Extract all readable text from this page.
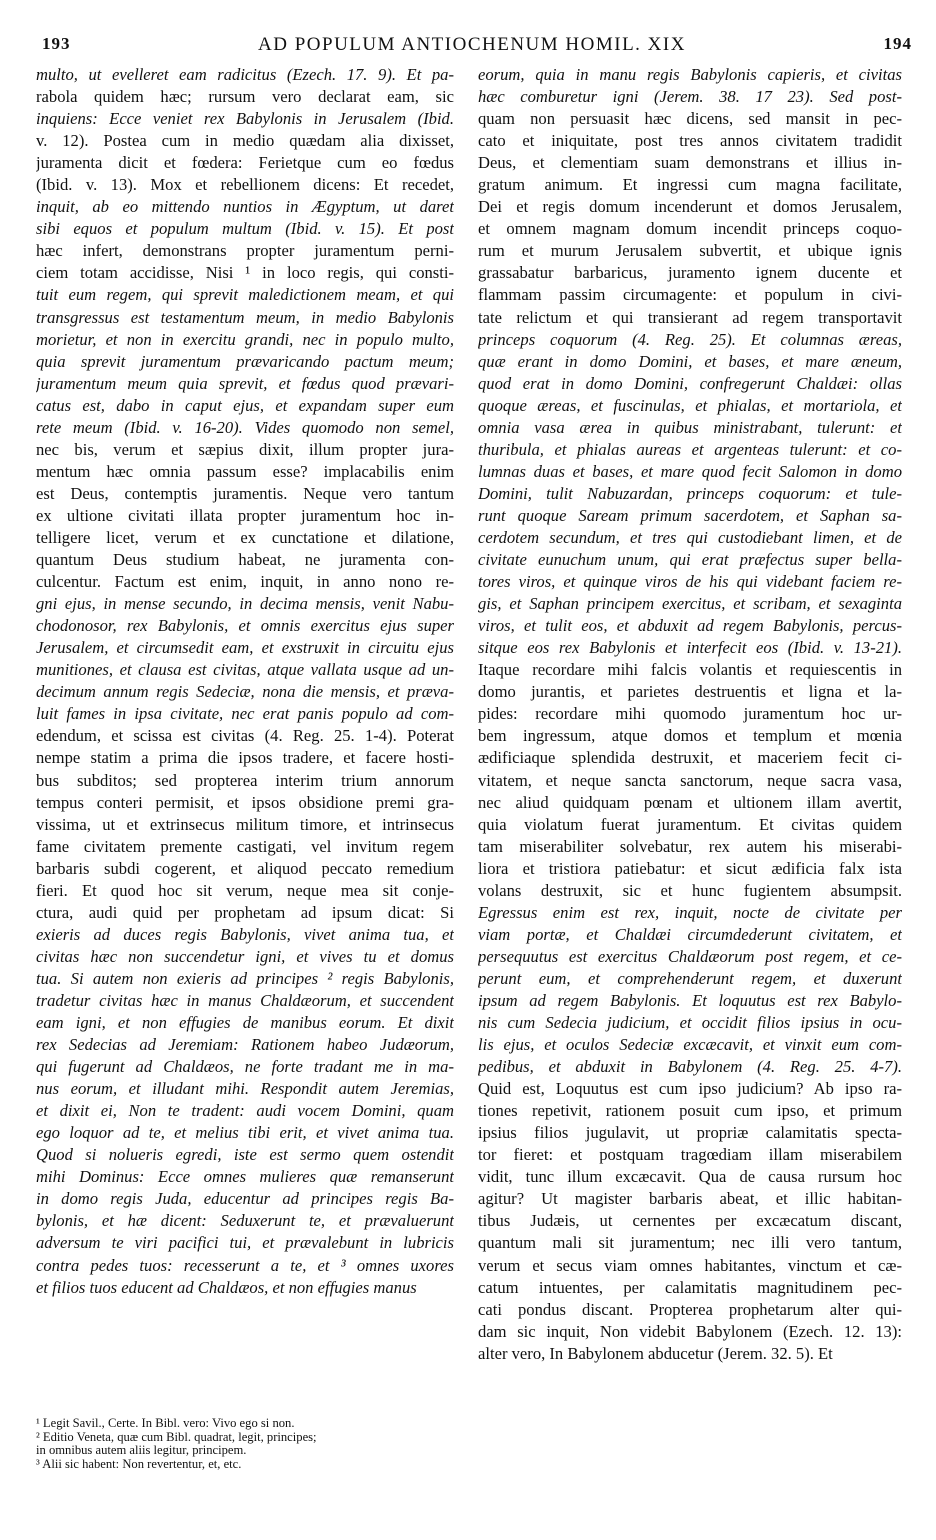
193	AD POPULUM ANTIOCHENUM HOMIL. XIX	194
multo, ut evelleret eam radicitus (Ezech. 17. 9). Et pa-
rabola quidem hæc; rursum vero declarat eam, sic
inquiens: Ecce veniet rex Babylonis in Jerusalem (Ibid.
v. 12). Postea cum in medio quædam alia dixisset,
juramenta dicit et fœdera: Ferietque cum eo fœdus
(Ibid. v. 13). Mox et rebellionem dicens: Et recedet,
inquit, ab eo mittendo nuntios in Ægyptum, ut daret
sibi equos et populum multum (Ibid. v. 15). Et post
hæc infert, demonstrans propter juramentum perni-
ciem totam accidisse, Nisi ¹ in loco regis, qui consti-
tuit eum regem, qui sprevit maledictionem meam, et qui
transgressus est testamentum meum, in medio Babylonis
morietur, et non in exercitu grandi, nec in populo multo,
quia sprevit juramentum prævaricando pactum meum;
juramentum meum quia sprevit, et fœdus quod prævari-
catus est, dabo in caput ejus, et expandam super eum
rete meum (Ibid. v. 16-20). Vides quomodo non semel,
nec bis, verum et sæpius dixit, illum propter jura-
mentum hæc omnia passum esse? implacabilis enim
est Deus, contemptis juramentis. Neque vero tantum
ex ultione civitati illata propter juramentum hoc in-
telligere licet, verum et ex cunctatione et dilatione,
quantum Deus studium habeat, ne juramenta con-
culcentur. Factum est enim, inquit, in anno nono re-
gni ejus, in mense secundo, in decima mensis, venit Nabu-
chodonosor, rex Babylonis, et omnis exercitus ejus super
Jerusalem, et circumsedit eam, et exstruxit in circuitu ejus
munitiones, et clausa est civitas, atque vallata usque ad un-
decimum annum regis Sedeciæ, nona die mensis, et præva-
luit fames in ipsa civitate, nec erat panis populo ad com-
edendum, et scissa est civitas (4. Reg. 25. 1-4). Poterat
nempe statim a prima die ipsos tradere, et facere hosti-
bus subditos; sed propterea interim trium annorum
tempus conteri permisit, et ipsos obsidione premi gra-
vissima, ut et extrinsecus militum timore, et intrinsecus
fame civitatem premente castigati, vel invitum regem
barbaris subdi cogerent, et aliquod peccato remedium
fieri. Et quod hoc sit verum, neque mea sit conje-
ctura, audi quid per prophetam ad ipsum dicat: Si
exieris ad duces regis Babylonis, vivet anima tua, et
civitas hæc non succendetur igni, et vives tu et domus
tua. Si autem non exieris ad principes ² regis Babylonis,
tradetur civitas hæc in manus Chaldæorum, et succendent
eam igni, et non effugies de manibus eorum. Et dixit
rex Sedecias ad Jeremiam: Rationem habeo Judæorum,
qui fugerunt ad Chaldæos, ne forte tradant me in ma-
nus eorum, et illudant mihi. Respondit autem Jeremias,
et dixit ei, Non te tradent: audi vocem Domini, quam
ego loquor ad te, et melius tibi erit, et vivet anima tua.
Quod si nolueris egredi, iste est sermo quem ostendit
mihi Dominus: Ecce omnes mulieres quæ remanserunt
in domo regis Juda, educentur ad principes regis Ba-
bylonis, et hæ dicent: Seduxerunt te, et prævaluerunt
adversum te viri pacifici tui, et prævalebunt in lubricis
contra pedes tuos: recesserunt a te, et ³ omnes uxores
et filios tuos educent ad Chaldæos, et non effugies manus
eorum, quia in manu regis Babylonis capieris, et civitas
hæc comburetur igni (Jerem. 38. 17 23). Sed post-
quam non persuasit hæc dicens, sed mansit in pec-
cato et iniquitate, post tres annos civitatem tradidit
Deus, et clementiam suam demonstrans et illius in-
gratum animum. Et ingressi cum magna facilitate,
Dei et regis domum incenderunt et domos Jerusalem,
et omnem magnam domum incendit princeps coquo-
rum et murum Jerusalem subvertit, et ubique ignis
grassabatur barbaricus, juramento ignem ducente et
flammam passim circumagente: et populum in civi-
tate relictum et qui transierant ad regem transportavit
princeps coquorum (4. Reg. 25). Et columnas æreas,
quæ erant in domo Domini, et bases, et mare æneum,
quod erat in domo Domini, confregerunt Chaldæi: ollas
quoque æreas, et fuscinulas, et phialas, et mortariola, et
omnia vasa ærea in quibus ministrabant, tulerunt: et
thuribula, et phialas aureas et argenteas tulerunt: et co-
lumnas duas et bases, et mare quod fecit Salomon in domo
Domini, tulit Nabuzardan, princeps coquorum: et tule-
runt quoque Saream primum sacerdotem, et Saphan sa-
cerdotem secundum, et tres qui custodiebant limen, et de
civitate eunuchum unum, qui erat præfectus super bella-
tores viros, et quinque viros de his qui videbant faciem re-
gis, et Saphan principem exercitus, et scribam, et sexaginta
viros, et tulit eos, et abduxit ad regem Babylonis, percus-
sitque eos rex Babylonis et interfecit eos (Ibid. v. 13-21).
Itaque recordare mihi falcis volantis et requiescentis in
domo jurantis, et parietes destruentis et ligna et la-
pides: recordare mihi quomodo juramentum hoc ur-
bem ingressum, atque domos et templum et mœnia
ædificiaque splendida destruxit, et maceriem fecit ci-
vitatem, et neque sancta sanctorum, neque sacra vasa,
nec aliud quidquam pœnam et ultionem illam avertit,
quia violatum fuerat juramentum. Et civitas quidem
tam miserabiliter solvebatur, rex autem his miserabi-
liora et tristiora patiebatur: et sicut ædificia falx ista
volans destruxit, sic et hunc fugientem absumpsit.
Egressus enim est rex, inquit, nocte de civitate per
viam portæ, et Chaldæi circumdederunt civitatem, et
persequutus est exercitus Chaldæorum post regem, et ce-
perunt eum, et comprehenderunt regem, et duxerunt
ipsum ad regem Babylonis. Et loquutus est rex Babylo-
nis cum Sedecia judicium, et occidit filios ipsius in ocu-
lis ejus, et oculos Sedeciæ excæcavit, et vinxit eum com-
pedibus, et abduxit in Babylonem (4. Reg. 25. 4-7).
Quid est, Loquutus est cum ipso judicium? Ab ipso ra-
tiones repetivit, rationem posuit cum ipso, et primum
ipsius filios jugulavit, ut propriæ calamitatis specta-
tor fieret: et postquam tragœdiam illam miserabilem
vidit, tunc illum excæcavit. Qua de causa rursum hoc
agitur? Ut magister barbaris abeat, et illic habitan-
tibus Judæis, ut cernentes per excæcatum discant,
quantum mali sit juramentum; nec illi vero tantum,
verum et secus viam omnes habitantes, vinctum et cæ-
catum intuentes, per calamitatis magnitudinem pec-
cati pondus discant. Propterea prophetarum alter qui-
dam sic inquit, Non videbit Babylonem (Ezech. 12. 13):
alter vero, In Babylonem abducetur (Jerem. 32. 5). Et
¹ Legit Savil., Certe. In Bibl. vero: Vivo ego si non.
² Editio Veneta, quæ cum Bibl. quadrat, legit, principes;
in omnibus autem aliis legitur, principem.
³ Alii sic habent: Non revertentur, et, etc.
